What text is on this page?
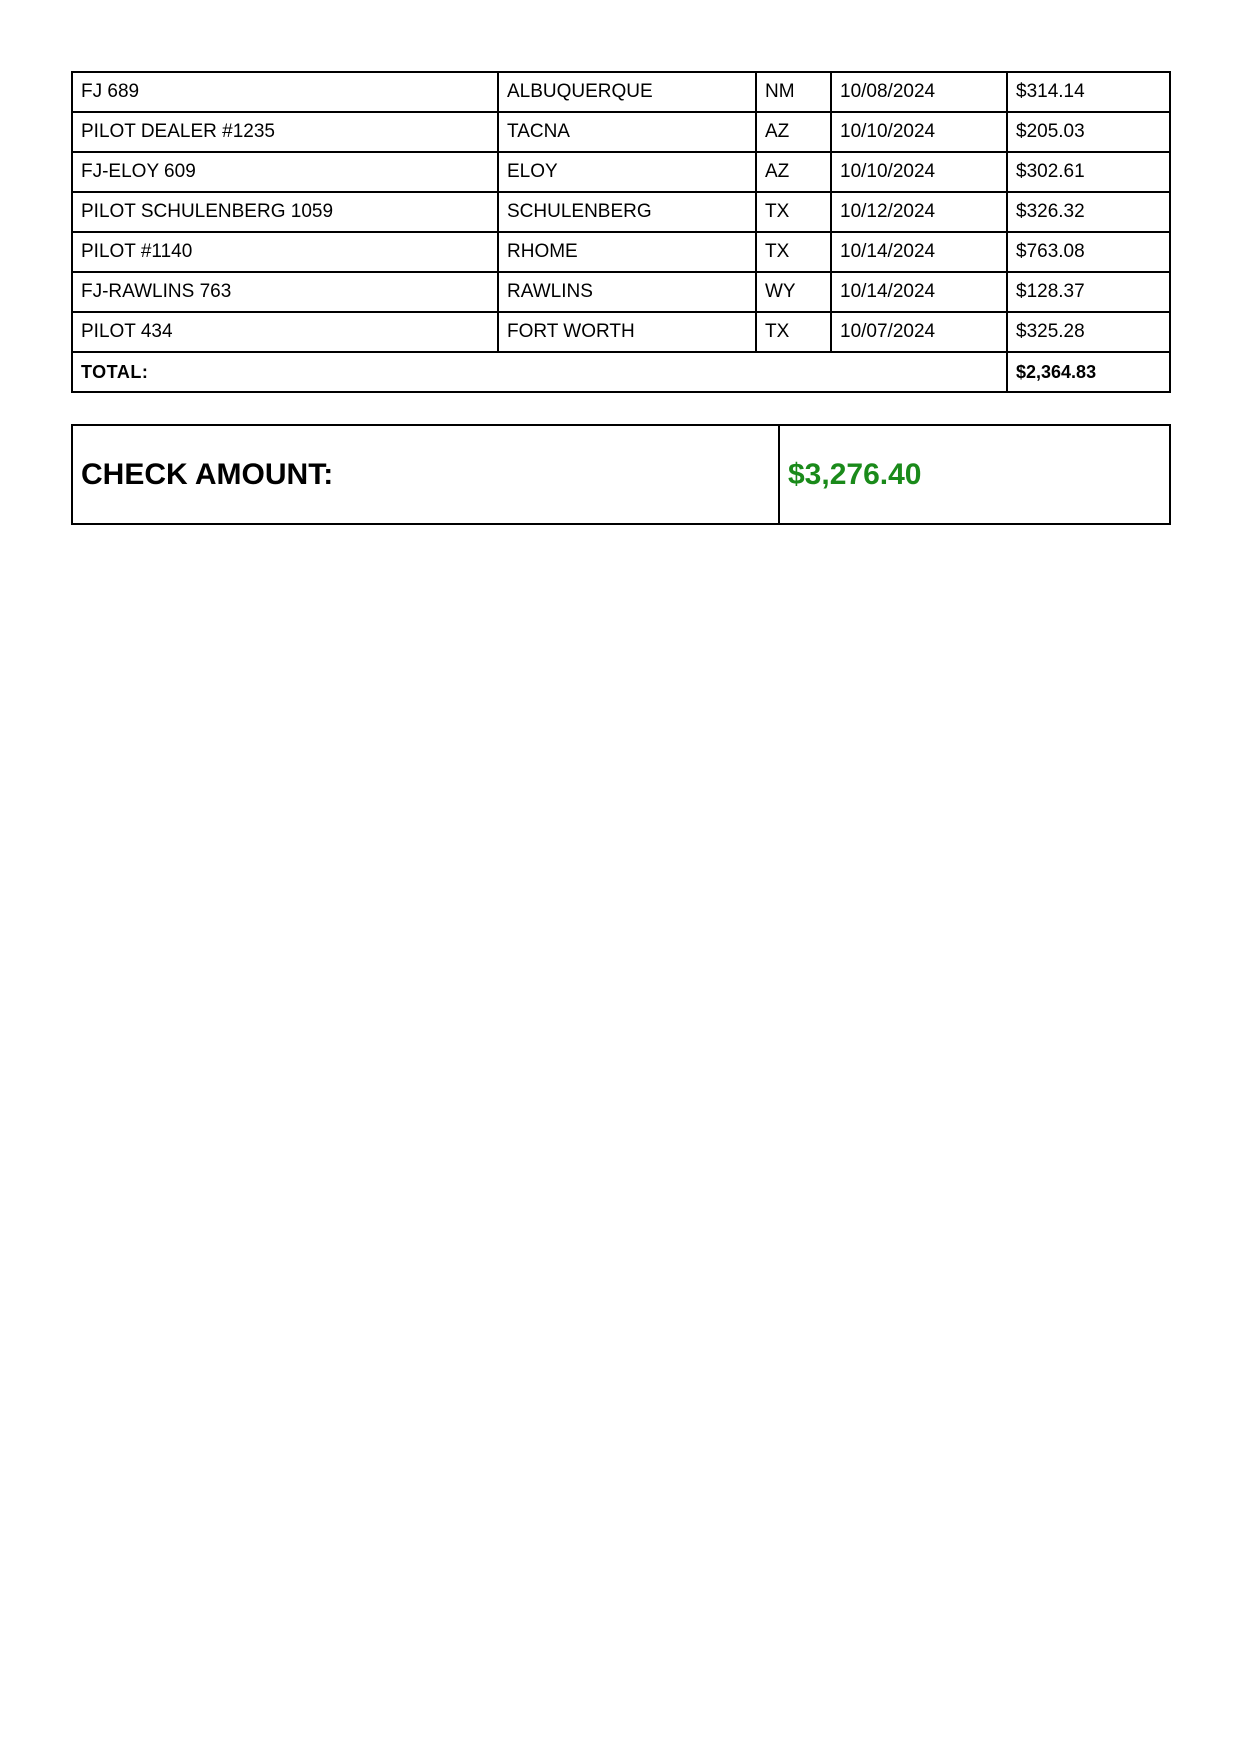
FJ 689	ALBUQUERQUE	NM	10/08/2024	$314.14
PILOT DEALER #1235	TACNA	AZ	10/10/2024	$205.03
FJ-ELOY 609	ELOY	AZ	10/10/2024	$302.61
PILOT SCHULENBERG 1059	SCHULENBERG	TX	10/12/2024	$326.32
PILOT #1140	RHOME	TX	10/14/2024	$763.08
FJ-RAWLINS 763	RAWLINS	WY	10/14/2024	$128.37
PILOT 434	FORT WORTH	TX	10/07/2024	$325.28
TOTAL:				$2,364.83
CHECK AMOUNT:	$3,276.40
